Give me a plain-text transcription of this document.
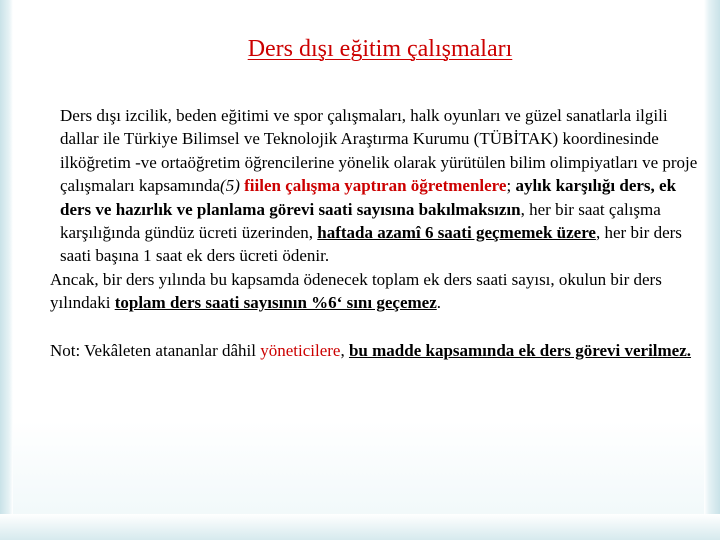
Ders dışı eğitim çalışmaları

Ders dışı izcilik, beden eğitimi ve spor çalışmaları, halk oyunları ve güzel sanatlarla ilgili dallar ile Türkiye Bilimsel ve Teknolojik Araştırma Kurumu (TÜBİTAK) koordinesinde ilköğretim -ve ortaöğretim öğrencilerine yönelik olarak yürütülen bilim olimpiyatları ve proje çalışmaları kapsamında(5) fiilen çalışma yaptıran öğretmenlere; aylık karşılığı ders, ek ders ve hazırlık ve planlama görevi saati sayısına bakılmaksızın, her bir saat çalışma karşılığında gündüz ücreti üzerinden, haftada azamî 6 saati geçmemek üzere, her bir ders saati başına 1 saat ek ders ücreti ödenir.

Ancak, bir ders yılında bu kapsamda ödenecek toplam ek ders saati sayısı, okulun bir ders yılındaki toplam ders saati sayısının %6‘ sını geçemez.

Not: Vekâleten atananlar dâhil yöneticilere, bu madde kapsamında ek ders görevi verilmez.
